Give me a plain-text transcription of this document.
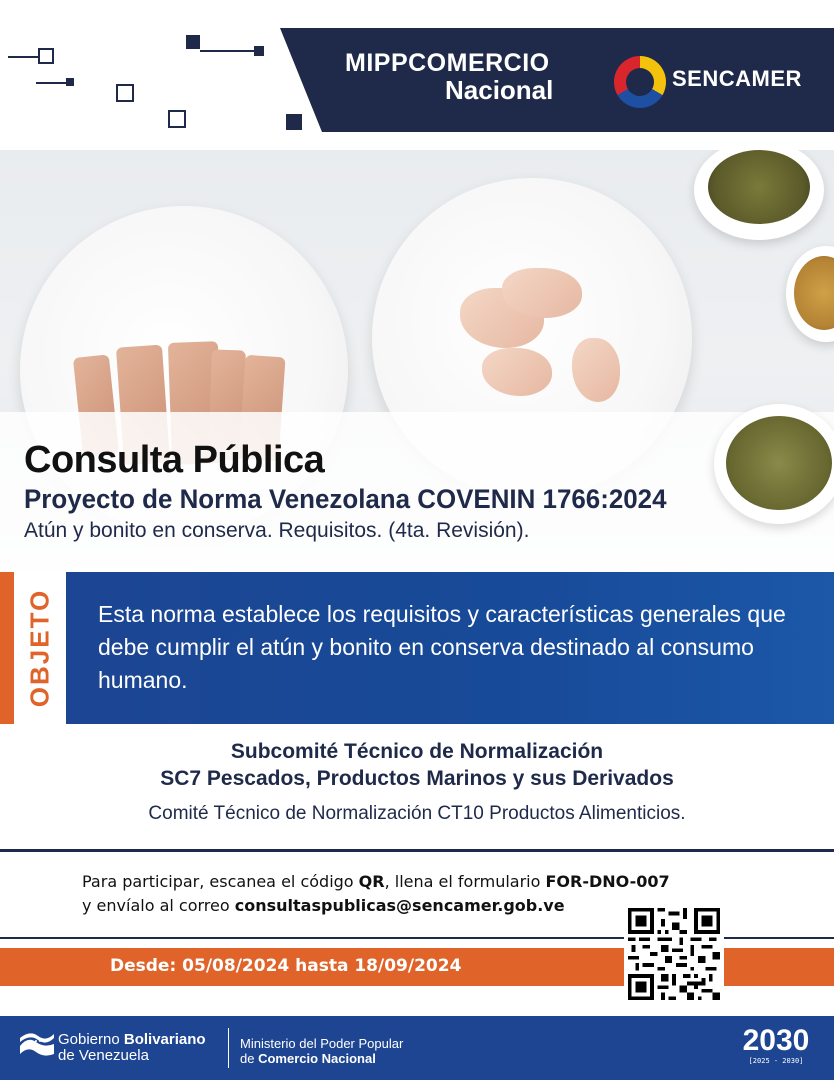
MIPPCOMERCIO
Nacional	SENCAMER
Consulta Pública
Proyecto de Norma Venezolana COVENIN 1766:2024
Atún y bonito en conserva. Requisitos. (4ta. Revisión).
OBJETO Esta norma establece los requisitos y características generales que debe cumplir el atún y bonito en conserva destinado al consumo humano.
Subcomité Técnico de Normalización
SC7 Pescados, Productos Marinos y sus Derivados
Comité Técnico de Normalización CT10 Productos Alimenticios.
Para participar, escanea el código QR, llena el formulario FOR-DNO-007
y envíalo al correo consultaspublicas@sencamer.gob.ve
Desde: 05/08/2024 hasta 18/09/2024
Gobierno Bolivariano
de Venezuela
Ministerio del Poder Popular
de Comercio Nacional
2030
[2025 - 2030]
